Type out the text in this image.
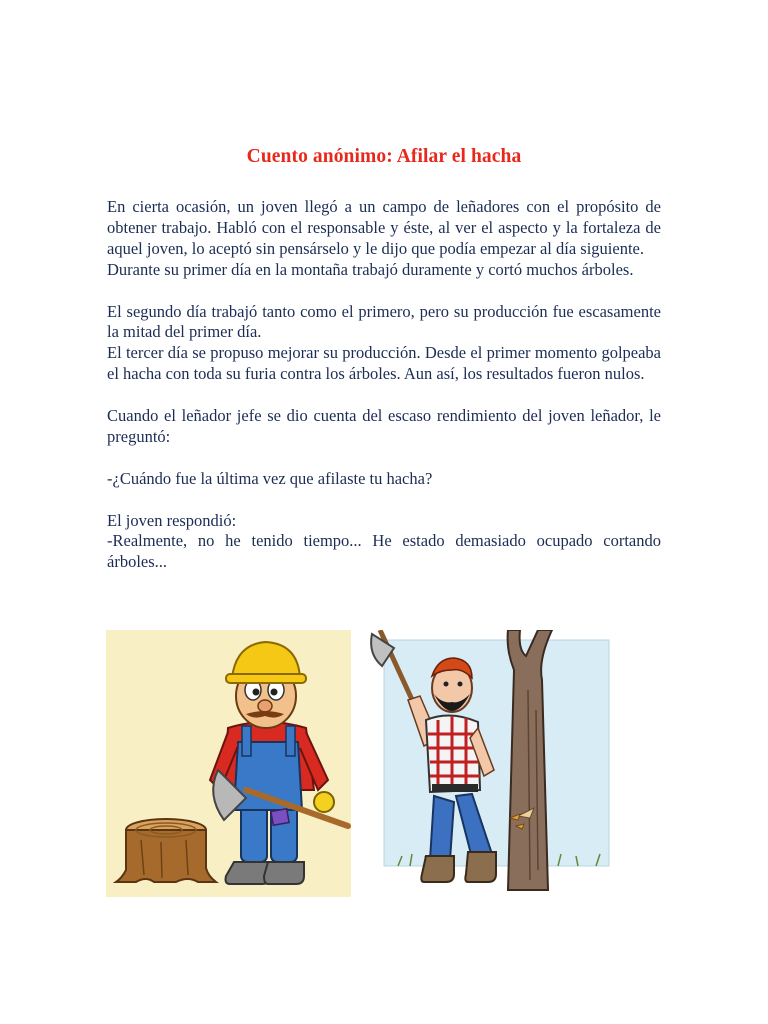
Cuento anónimo: Afilar el hacha

En cierta ocasión, un joven llegó a un campo de leñadores con el propósito de obtener trabajo. Habló con el responsable y éste, al ver el aspecto y la fortaleza de aquel joven, lo aceptó sin pensárselo y le dijo que podía empezar al día siguiente.

Durante su primer día en la montaña trabajó duramente y cortó muchos árboles.

El segundo día trabajó tanto como el primero, pero su producción fue escasamente la mitad del primer día.

El tercer día se propuso mejorar su producción. Desde el primer momento golpeaba el hacha con toda su furia contra los árboles. Aun así, los resultados fueron nulos.

Cuando el leñador jefe se dio cuenta del escaso rendimiento del joven leñador, le preguntó:

-¿Cuándo fue la última vez que afilaste tu hacha?

El joven respondió:

-Realmente, no he tenido tiempo... He estado demasiado ocupado cortando árboles...
